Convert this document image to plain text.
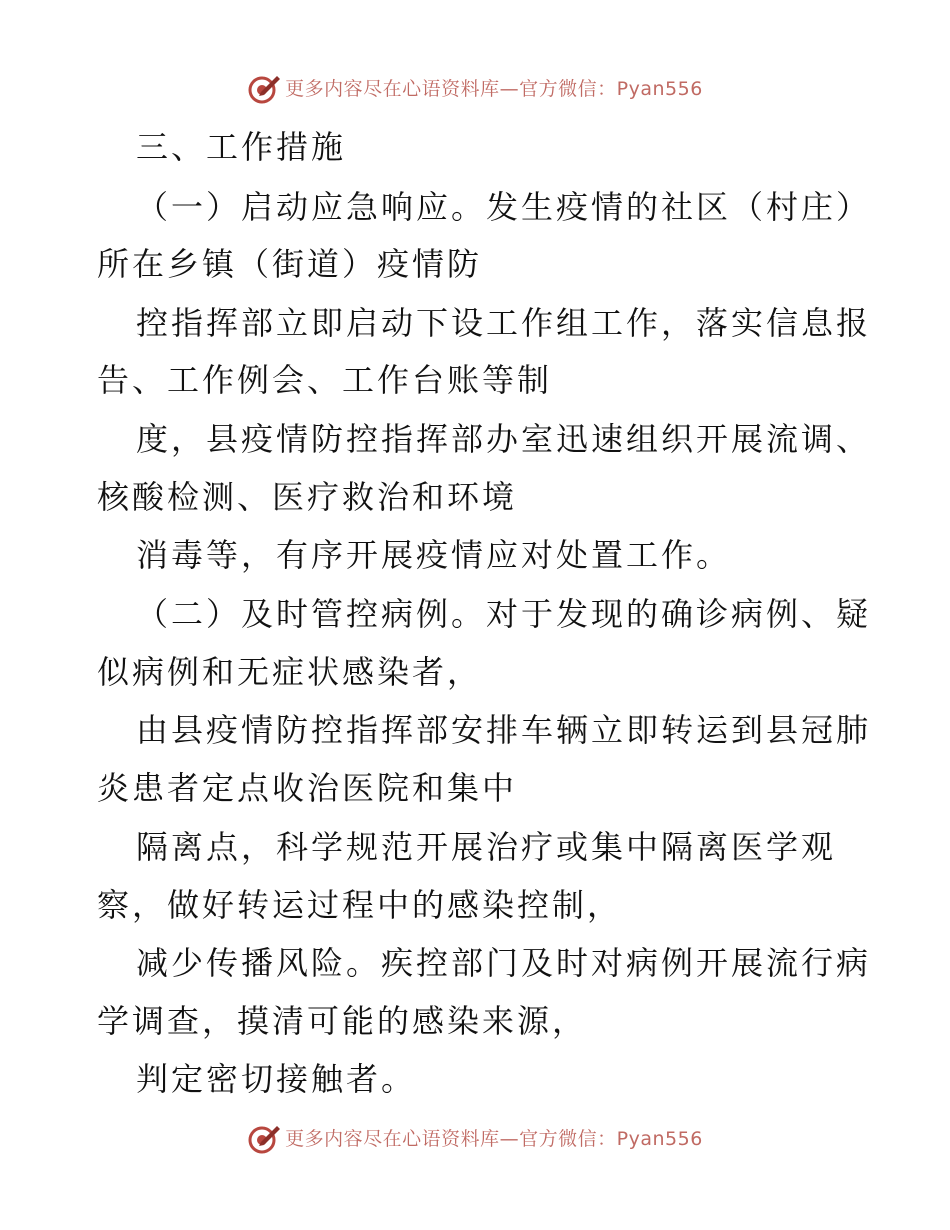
更多内容尽在心语资料库—官方微信：Pyan556
三、工作措施
（一）启动应急响应。发生疫情的社区（村庄）
所在乡镇（街道）疫情防
控指挥部立即启动下设工作组工作，落实信息报
告、工作例会、工作台账等制
度，县疫情防控指挥部办室迅速组织开展流调、
核酸检测、医疗救治和环境
消毒等，有序开展疫情应对处置工作。
（二）及时管控病例。对于发现的确诊病例、疑
似病例和无症状感染者，
由县疫情防控指挥部安排车辆立即转运到县冠肺
炎患者定点收治医院和集中
隔离点，科学规范开展治疗或集中隔离医学观
察，做好转运过程中的感染控制，
减少传播风险。疾控部门及时对病例开展流行病
学调查，摸清可能的感染来源，
判定密切接触者。
更多内容尽在心语资料库—官方微信：Pyan556
